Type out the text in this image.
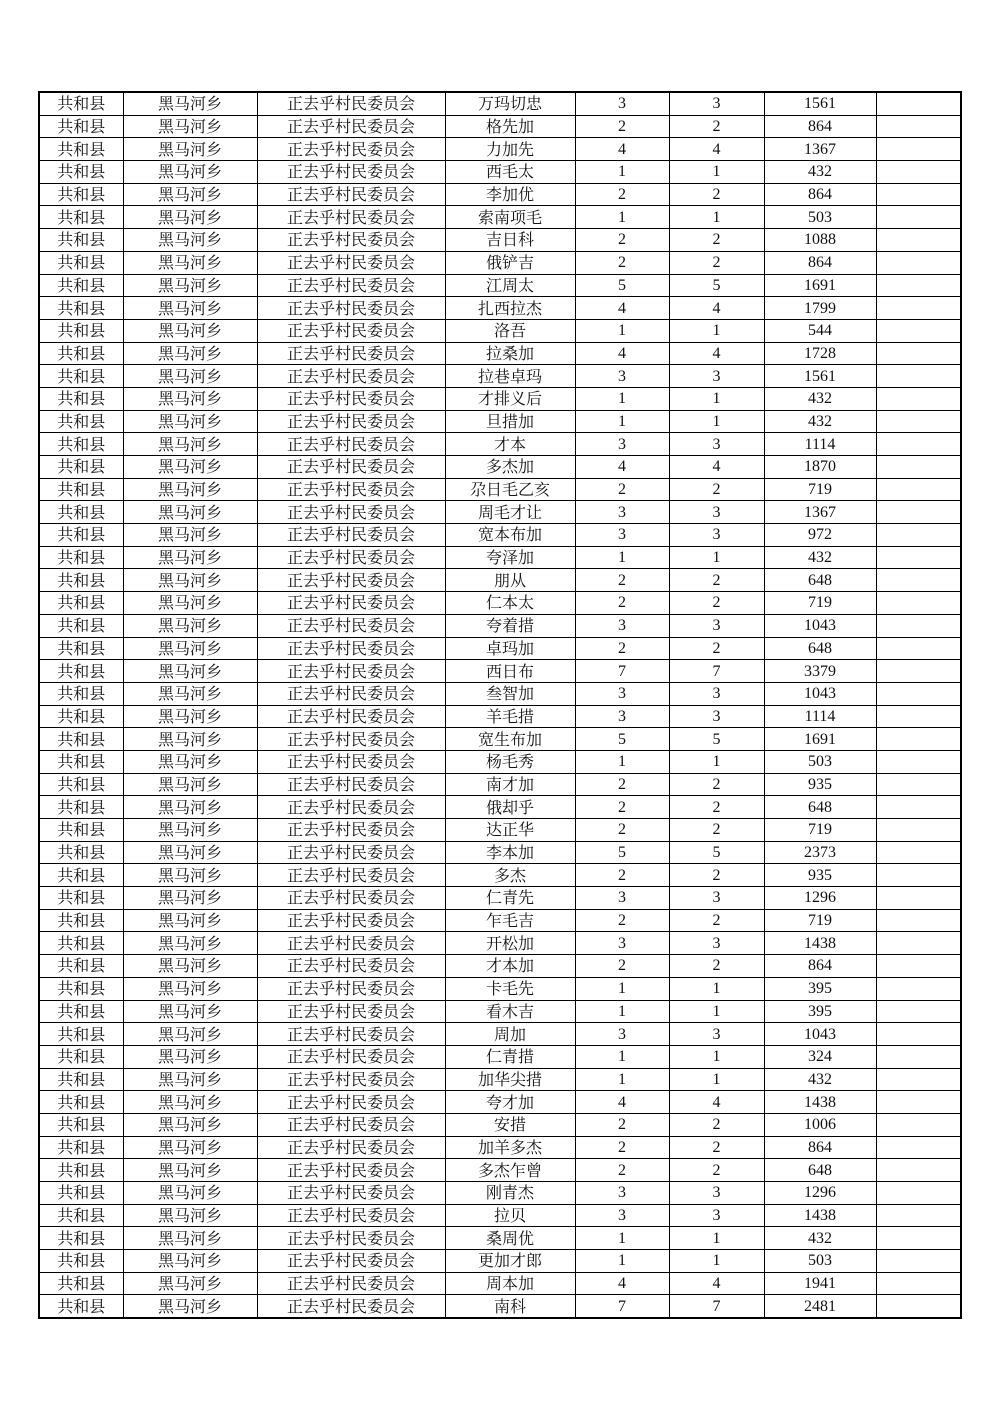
共和县	黑马河乡	正去乎村民委员会	万玛切忠	3	3	1561	
共和县	黑马河乡	正去乎村民委员会	格先加	2	2	864	
共和县	黑马河乡	正去乎村民委员会	力加先	4	4	1367	
共和县	黑马河乡	正去乎村民委员会	西毛太	1	1	432	
共和县	黑马河乡	正去乎村民委员会	李加优	2	2	864	
共和县	黑马河乡	正去乎村民委员会	索南项毛	1	1	503	
共和县	黑马河乡	正去乎村民委员会	吉日科	2	2	1088	
共和县	黑马河乡	正去乎村民委员会	俄铲吉	2	2	864	
共和县	黑马河乡	正去乎村民委员会	江周太	5	5	1691	
共和县	黑马河乡	正去乎村民委员会	扎西拉杰	4	4	1799	
共和县	黑马河乡	正去乎村民委员会	洛吾	1	1	544	
共和县	黑马河乡	正去乎村民委员会	拉桑加	4	4	1728	
共和县	黑马河乡	正去乎村民委员会	拉巷卓玛	3	3	1561	
共和县	黑马河乡	正去乎村民委员会	才排义后	1	1	432	
共和县	黑马河乡	正去乎村民委员会	旦措加	1	1	432	
共和县	黑马河乡	正去乎村民委员会	才本	3	3	1114	
共和县	黑马河乡	正去乎村民委员会	多杰加	4	4	1870	
共和县	黑马河乡	正去乎村民委员会	尕日毛乙亥	2	2	719	
共和县	黑马河乡	正去乎村民委员会	周毛才让	3	3	1367	
共和县	黑马河乡	正去乎村民委员会	宽本布加	3	3	972	
共和县	黑马河乡	正去乎村民委员会	夸泽加	1	1	432	
共和县	黑马河乡	正去乎村民委员会	朋从	2	2	648	
共和县	黑马河乡	正去乎村民委员会	仁本太	2	2	719	
共和县	黑马河乡	正去乎村民委员会	夸着措	3	3	1043	
共和县	黑马河乡	正去乎村民委员会	卓玛加	2	2	648	
共和县	黑马河乡	正去乎村民委员会	西日布	7	7	3379	
共和县	黑马河乡	正去乎村民委员会	叁智加	3	3	1043	
共和县	黑马河乡	正去乎村民委员会	羊毛措	3	3	1114	
共和县	黑马河乡	正去乎村民委员会	宽生布加	5	5	1691	
共和县	黑马河乡	正去乎村民委员会	杨毛秀	1	1	503	
共和县	黑马河乡	正去乎村民委员会	南才加	2	2	935	
共和县	黑马河乡	正去乎村民委员会	俄却乎	2	2	648	
共和县	黑马河乡	正去乎村民委员会	达正华	2	2	719	
共和县	黑马河乡	正去乎村民委员会	李本加	5	5	2373	
共和县	黑马河乡	正去乎村民委员会	多杰	2	2	935	
共和县	黑马河乡	正去乎村民委员会	仁青先	3	3	1296	
共和县	黑马河乡	正去乎村民委员会	乍毛吉	2	2	719	
共和县	黑马河乡	正去乎村民委员会	开松加	3	3	1438	
共和县	黑马河乡	正去乎村民委员会	才本加	2	2	864	
共和县	黑马河乡	正去乎村民委员会	卡毛先	1	1	395	
共和县	黑马河乡	正去乎村民委员会	看木吉	1	1	395	
共和县	黑马河乡	正去乎村民委员会	周加	3	3	1043	
共和县	黑马河乡	正去乎村民委员会	仁青措	1	1	324	
共和县	黑马河乡	正去乎村民委员会	加华尖措	1	1	432	
共和县	黑马河乡	正去乎村民委员会	夸才加	4	4	1438	
共和县	黑马河乡	正去乎村民委员会	安措	2	2	1006	
共和县	黑马河乡	正去乎村民委员会	加羊多杰	2	2	864	
共和县	黑马河乡	正去乎村民委员会	多杰乍曾	2	2	648	
共和县	黑马河乡	正去乎村民委员会	刚青杰	3	3	1296	
共和县	黑马河乡	正去乎村民委员会	拉贝	3	3	1438	
共和县	黑马河乡	正去乎村民委员会	桑周优	1	1	432	
共和县	黑马河乡	正去乎村民委员会	更加才郎	1	1	503	
共和县	黑马河乡	正去乎村民委员会	周本加	4	4	1941	
共和县	黑马河乡	正去乎村民委员会	南科	7	7	2481	
